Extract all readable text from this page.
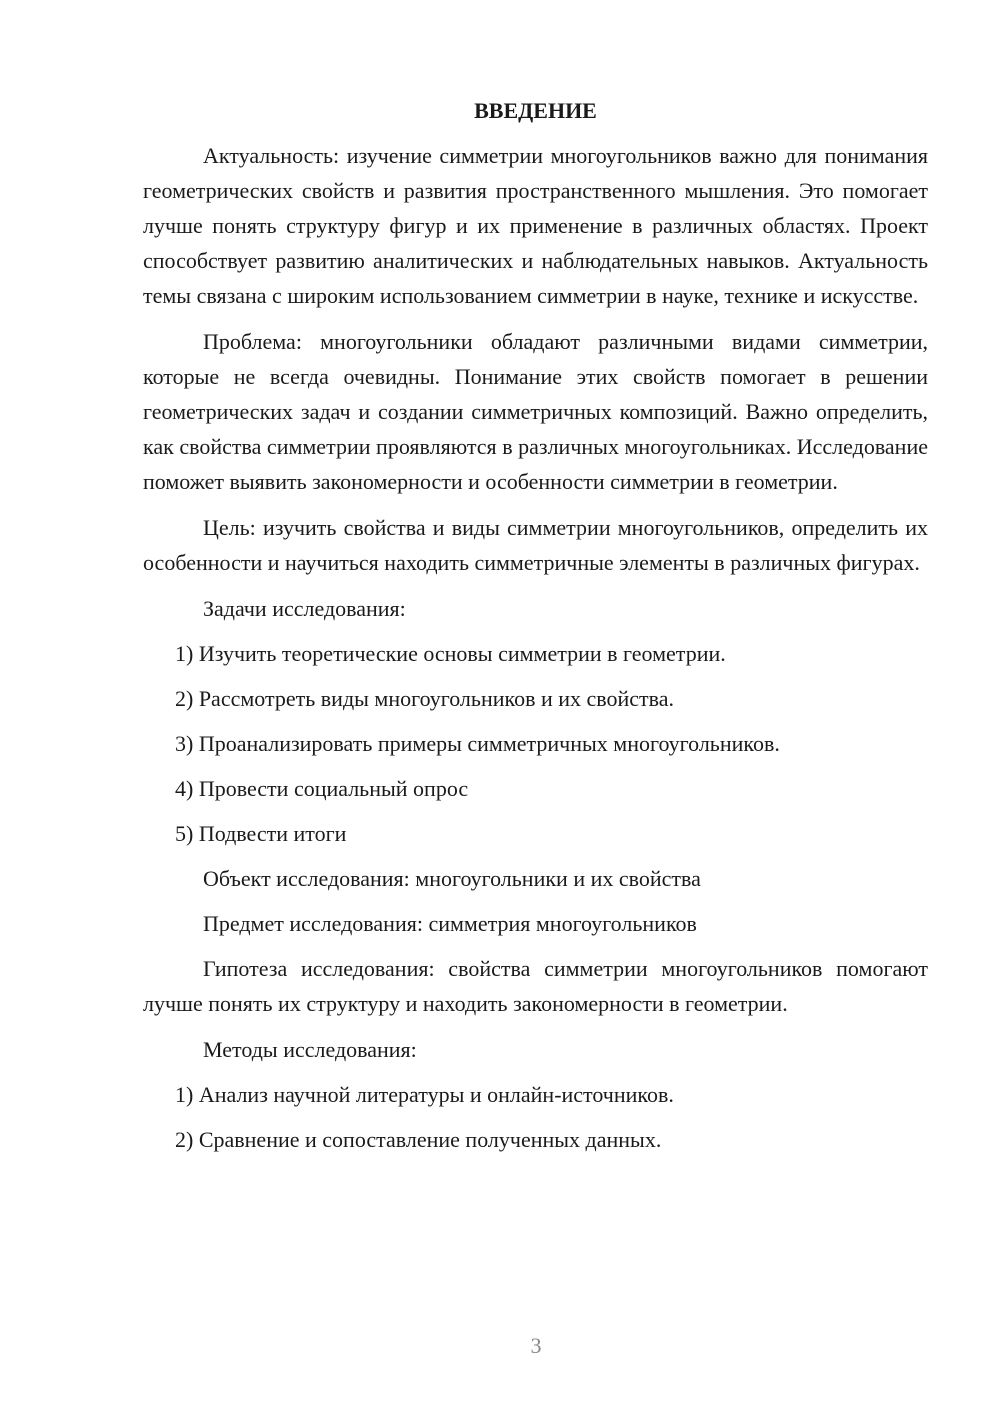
ВВЕДЕНИЕ

Актуальность: изучение симметрии многоугольников важно для понимания геометрических свойств и развития пространственного мышления. Это помогает лучше понять структуру фигур и их применение в различных областях. Проект способствует развитию аналитических и наблюдательных навыков. Актуальность темы связана с широким использованием симметрии в науке, технике и искусстве.

Проблема: многоугольники обладают различными видами симметрии, которые не всегда очевидны. Понимание этих свойств помогает в решении геометрических задач и создании симметричных композиций. Важно определить, как свойства симметрии проявляются в различных многоугольниках. Исследование поможет выявить закономерности и особенности симметрии в геометрии.

Цель: изучить свойства и виды симметрии многоугольников, определить их особенности и научиться находить симметричные элементы в различных фигурах.

Задачи исследования:

1) Изучить теоретические основы симметрии в геометрии.

2) Рассмотреть виды многоугольников и их свойства.

3) Проанализировать примеры симметричных многоугольников.

4) Провести социальный опрос

5) Подвести итоги

Объект исследования: многоугольники и их свойства

Предмет исследования: симметрия многоугольников

Гипотеза исследования: свойства симметрии многоугольников помогают лучше понять их структуру и находить закономерности в геометрии.

Методы исследования:

1) Анализ научной литературы и онлайн-источников.

2) Сравнение и сопоставление полученных данных.

3
